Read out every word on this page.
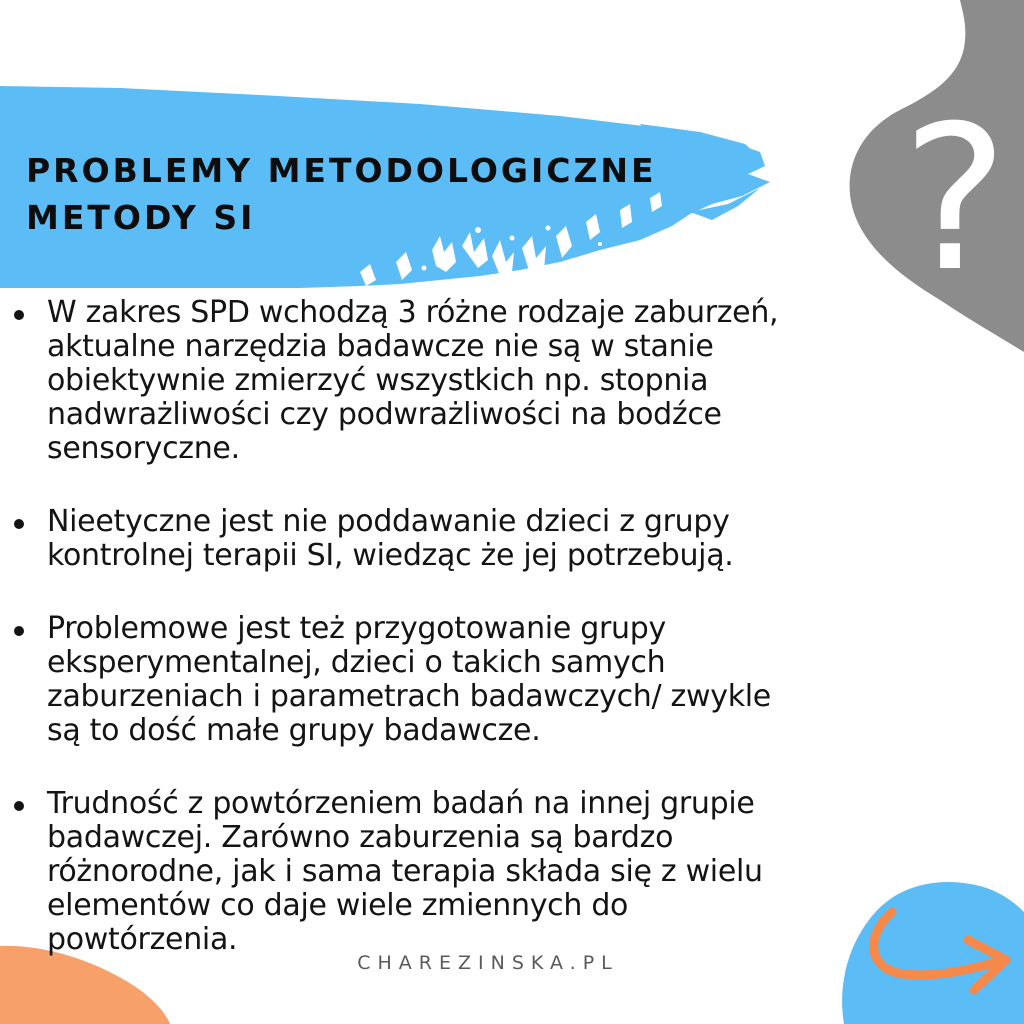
?
PROBLEMY METODOLOGICZNE
METODY SI
W zakres SPD wchodzą 3 różne rodzaje zaburzeń,
aktualne narzędzia badawcze nie są w stanie
obiektywnie zmierzyć wszystkich np. stopnia
nadwrażliwości czy podwrażliwości na bodźce
sensoryczne.
Nieetyczne jest nie poddawanie dzieci z grupy
kontrolnej terapii SI, wiedząc że jej potrzebują.
Problemowe jest też przygotowanie grupy
eksperymentalnej, dzieci o takich samych
zaburzeniach i parametrach badawczych/ zwykle
są to dość małe grupy badawcze.
Trudność z powtórzeniem badań na innej grupie
badawczej. Zarówno zaburzenia są bardzo
różnorodne, jak i sama terapia składa się z wielu
elementów co daje wiele zmiennych do
powtórzenia.
CHAREZINSKA.PL
